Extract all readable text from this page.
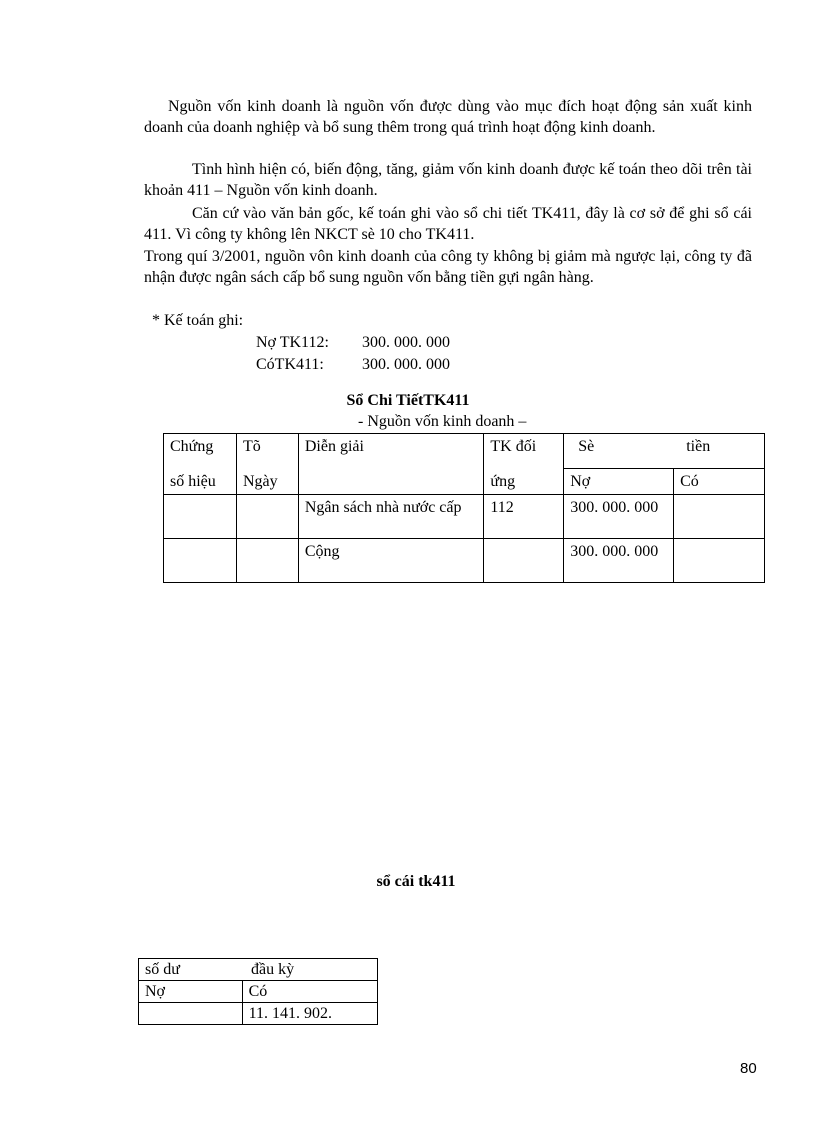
Nguồn vốn kinh doanh là nguồn vốn được dùng vào mục đích hoạt động sản xuất kinh doanh của doanh nghiệp và bổ sung thêm trong quá trình hoạt động kinh doanh.

Tình hình hiện có, biến động, tăng, giảm vốn kinh doanh được kế toán theo dõi trên tài khoản 411 – Nguồn vốn kinh doanh.

Căn cứ vào văn bản gốc, kế toán ghi vào sổ chi tiết TK411, đây là cơ sở để ghi sổ cái 411. Vì công ty không lên NKCT sè 10 cho TK411.

Trong quí 3/2001, nguồn vôn kinh doanh của công ty không bị giảm mà ngược lại, công ty đã nhận được ngân sách cấp bổ sung nguồn vốn bằng tiền gựi ngân hàng.

* Kế toán ghi:
Nợ TK112: 300. 000. 000
CóTK411: 300. 000. 000
Sổ Chi TiếtTK411
- Nguồn vốn kinh doanh –
Chứng	Tõ	Diễn giải	TK đối	Sè tiền	
số hiệu	Ngày		ứng	Nợ	Có
		Ngân sách nhà nước cấp	112	300. 000. 000	
		Cộng		300. 000. 000	
sổ cái tk411
số dư đầu kỳ	
Nợ	Có
	11. 141. 902.
80
